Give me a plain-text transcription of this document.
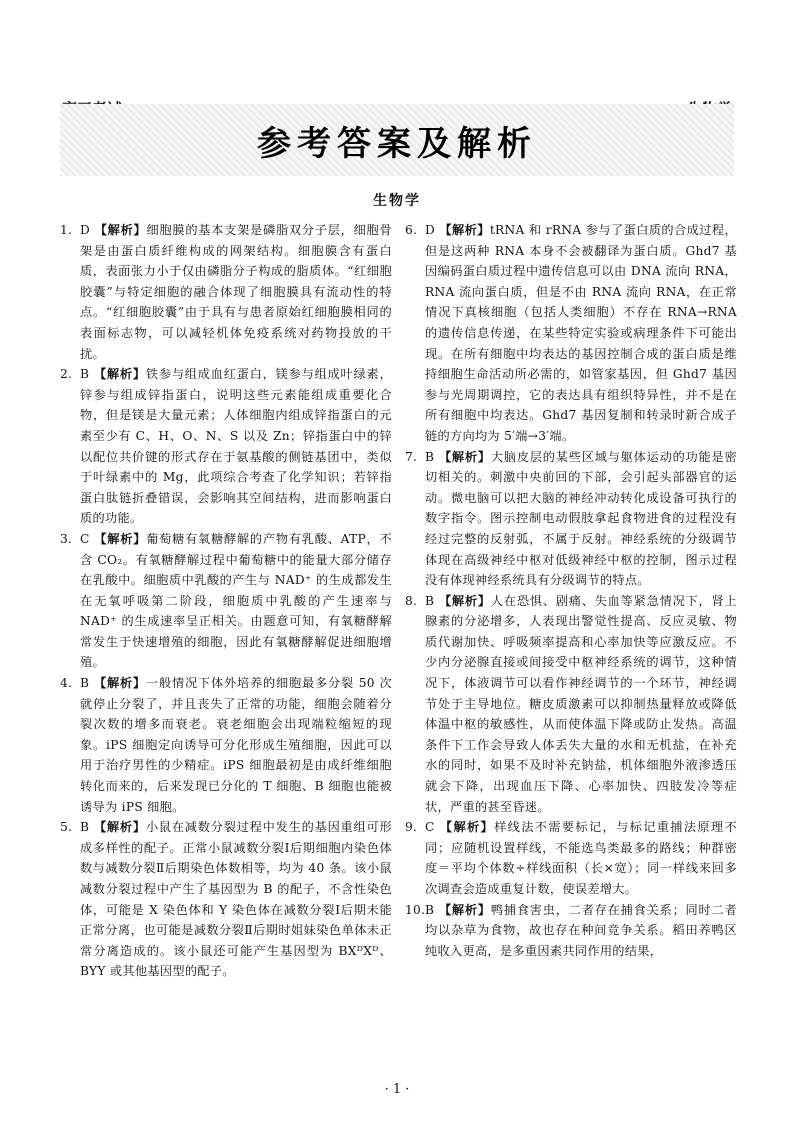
参考答案及解析
生物学
1. D 【解析】细胞膜的基本支架是磷脂双分子层，细胞骨架是由蛋白质纤维构成的网架结构。细胞膜含有蛋白质，表面张力小于仅由磷脂分子构成的脂质体。“红细胞胶囊”与特定细胞的融合体现了细胞膜具有流动性的特点。“红细胞胶囊”由于具有与患者原始红细胞膜相同的表面标志物，可以减轻机体免疫系统对药物投放的干扰。
2. B 【解析】铁参与组成血红蛋白，镁参与组成叶绿素，锌参与组成锌指蛋白，说明这些元素能组成重要化合物，但是镁是大量元素；人体细胞内组成锌指蛋白的元素至少有 C、H、O、N、S 以及 Zn；锌指蛋白中的锌以配位共价键的形式存在于氨基酸的侧链基团中，类似于叶绿素中的 Mg，此项综合考查了化学知识；若锌指蛋白肽链折叠错误，会影响其空间结构，进而影响蛋白质的功能。
3. C 【解析】葡萄糖有氧糖酵解的产物有乳酸、ATP，不含 CO₂。有氧糖酵解过程中葡萄糖中的能量大部分储存在乳酸中。细胞质中乳酸的产生与 NAD⁺ 的生成都发生在无氧呼吸第二阶段，细胞质中乳酸的产生速率与 NAD⁺ 的生成速率呈正相关。由题意可知，有氧糖酵解常发生于快速增殖的细胞，因此有氧糖酵解促进细胞增殖。
4. B 【解析】一般情况下体外培养的细胞最多分裂 50 次就停止分裂了，并且丧失了正常的功能，细胞会随着分裂次数的增多而衰老。衰老细胞会出现端粒缩短的现象。iPS 细胞定向诱导可分化形成生殖细胞，因此可以用于治疗男性的少精症。iPS 细胞最初是由成纤维细胞转化而来的，后来发现已分化的 T 细胞、B 细胞也能被诱导为 iPS 细胞。
5. B 【解析】小鼠在减数分裂过程中发生的基因重组可形成多样性的配子。正常小鼠减数分裂Ⅰ后期细胞内染色体数与减数分裂Ⅱ后期染色体数相等，均为 40 条。该小鼠减数分裂过程中产生了基因型为 B 的配子，不含性染色体，可能是 X 染色体和 Y 染色体在减数分裂Ⅰ后期未能正常分离，也可能是减数分裂Ⅱ后期时姐妹染色单体未正常分离造成的。该小鼠还可能产生基因型为 BXᴰXᴰ、BYY 或其他基因型的配子。
6. D 【解析】tRNA 和 rRNA 参与了蛋白质的合成过程，但是这两种 RNA 本身不会被翻译为蛋白质。Ghd7 基因编码蛋白质过程中遗传信息可以由 DNA 流向 RNA，RNA 流向蛋白质，但是不由 RNA 流向 RNA，在正常情况下真核细胞（包括人类细胞）不存在 RNA→RNA 的遗传信息传递，在某些特定实验或病理条件下可能出现。在所有细胞中均表达的基因控制合成的蛋白质是维持细胞生命活动所必需的，如管家基因，但 Ghd7 基因参与光周期调控，它的表达具有组织特异性，并不是在所有细胞中均表达。Ghd7 基因复制和转录时新合成子链的方向均为 5′端→3′端。
7. B 【解析】大脑皮层的某些区域与躯体运动的功能是密切相关的。刺激中央前回的下部，会引起头部器官的运动。微电脑可以把大脑的神经冲动转化成设备可执行的数字指令。图示控制电动假肢拿起食物进食的过程没有经过完整的反射弧，不属于反射。神经系统的分级调节体现在高级神经中枢对低级神经中枢的控制，图示过程没有体现神经系统具有分级调节的特点。
8. B 【解析】人在恐惧、剧痛、失血等紧急情况下，肾上腺素的分泌增多，人表现出警觉性提高、反应灵敏、物质代谢加快、呼吸频率提高和心率加快等应激反应。不少内分泌腺直接或间接受中枢神经系统的调节，这种情况下，体液调节可以看作神经调节的一个环节，神经调节处于主导地位。糖皮质激素可以抑制热量释放或降低体温中枢的敏感性，从而使体温下降或防止发热。高温条件下工作会导致人体丢失大量的水和无机盐，在补充水的同时，如果不及时补充钠盐，机体细胞外液渗透压就会下降，出现血压下降、心率加快、四肢发冷等症状，严重的甚至昏迷。
9. C 【解析】样线法不需要标记，与标记重捕法原理不同；应随机设置样线，不能选鸟类最多的路线；种群密度＝平均个体数÷样线面积（长×宽）；同一样线来回多次调查会造成重复计数，使误差增大。
10. B 【解析】鸭捕食害虫，二者存在捕食关系；同时二者均以杂草为食物，故也存在种间竞争关系。稻田养鸭区纯收入更高，是多重因素共同作用的结果，
· 1 ·
